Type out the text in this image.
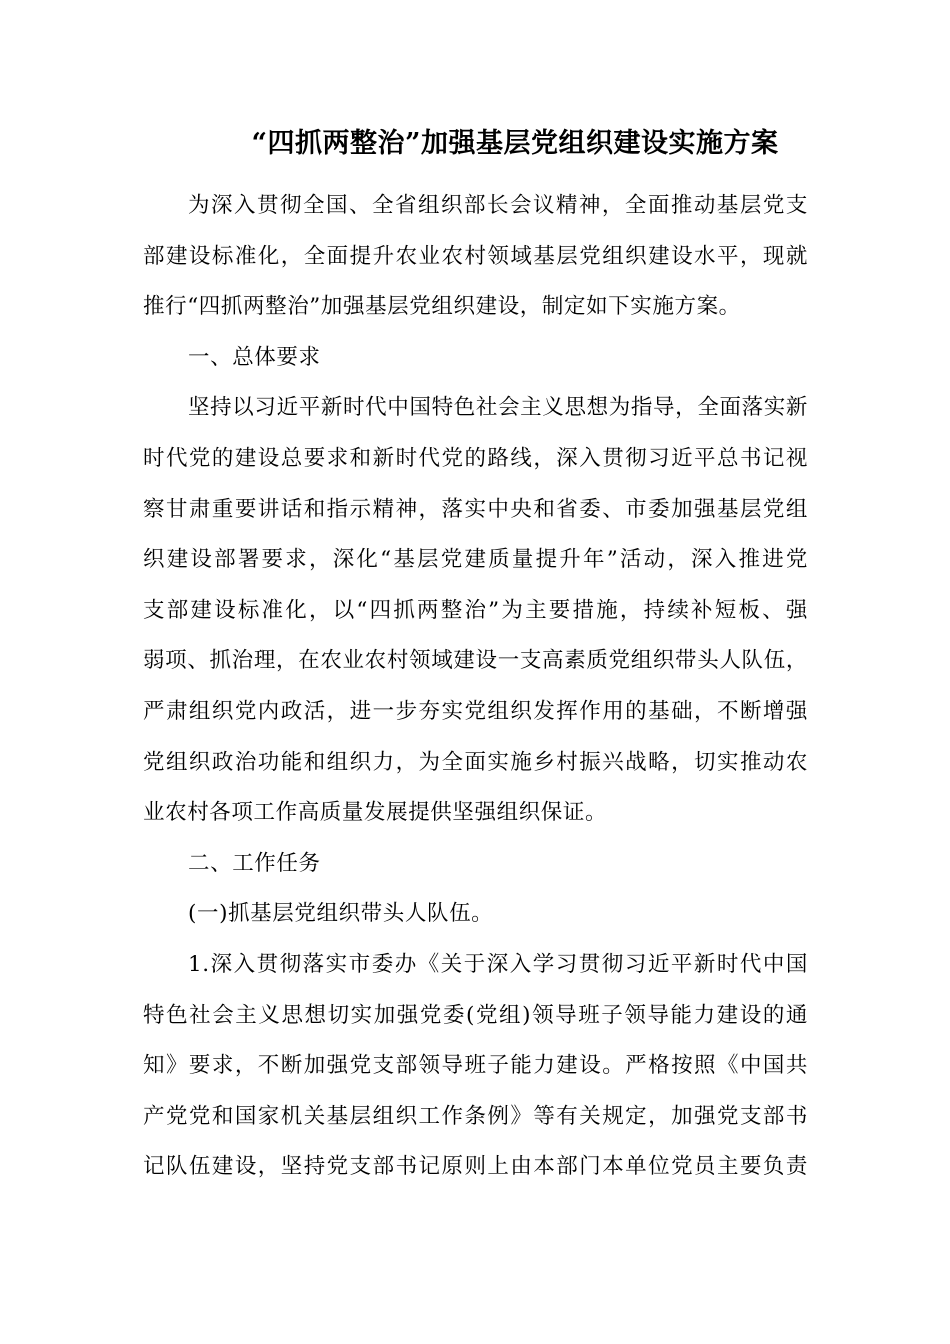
“四抓两整治”加强基层党组织建设实施方案
为深入贯彻全国、全省组织部长会议精神，全面推动基层党支
部建设标准化，全面提升农业农村领域基层党组织建设水平，现就
推行“四抓两整治”加强基层党组织建设，制定如下实施方案。
一、总体要求
坚持以习近平新时代中国特色社会主义思想为指导，全面落实新
时代党的建设总要求和新时代党的路线，深入贯彻习近平总书记视
察甘肃重要讲话和指示精神，落实中央和省委、市委加强基层党组
织建设部署要求，深化“基层党建质量提升年”活动，深入推进党
支部建设标准化，以“四抓两整治”为主要措施，持续补短板、强
弱项、抓治理，在农业农村领域建设一支高素质党组织带头人队伍，
严肃组织党内政活，进一步夯实党组织发挥作用的基础，不断增强
党组织政治功能和组织力，为全面实施乡村振兴战略，切实推动农
业农村各项工作高质量发展提供坚强组织保证。
二、工作任务
(一)抓基层党组织带头人队伍。
1.深入贯彻落实市委办《关于深入学习贯彻习近平新时代中国
特色社会主义思想切实加强党委(党组)领导班子领导能力建设的通
知》要求，不断加强党支部领导班子能力建设。严格按照《中国共
产党党和国家机关基层组织工作条例》等有关规定，加强党支部书
记队伍建设，坚持党支部书记原则上由本部门本单位党员主要负责
